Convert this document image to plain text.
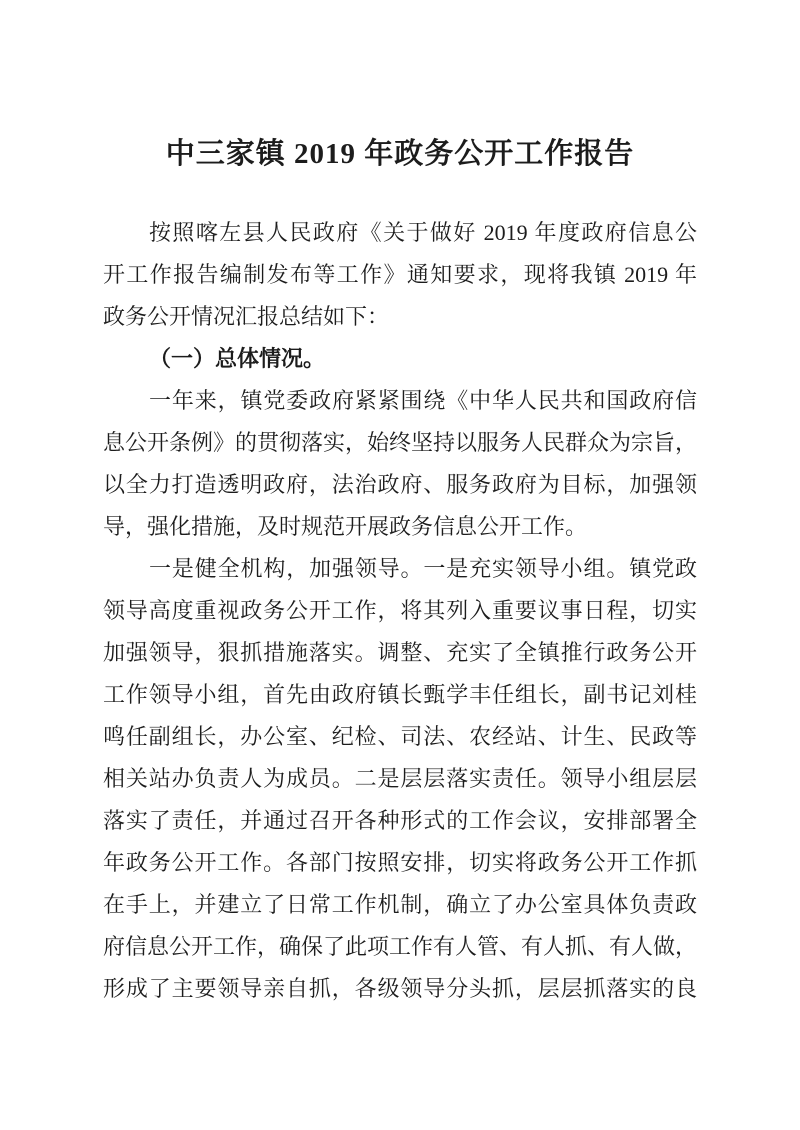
中三家镇 2019 年政务公开工作报告
按照喀左县人民政府《关于做好 2019 年度政府信息公
开工作报告编制发布等工作》通知要求，现将我镇 2019 年
政务公开情况汇报总结如下：
（一）总体情况。
一年来，镇党委政府紧紧围绕《中华人民共和国政府信
息公开条例》的贯彻落实，始终坚持以服务人民群众为宗旨，
以全力打造透明政府，法治政府、服务政府为目标，加强领
导，强化措施，及时规范开展政务信息公开工作。
一是健全机构，加强领导。一是充实领导小组。镇党政
领导高度重视政务公开工作，将其列入重要议事日程，切实
加强领导，狠抓措施落实。调整、充实了全镇推行政务公开
工作领导小组，首先由政府镇长甄学丰任组长，副书记刘桂
鸣任副组长，办公室、纪检、司法、农经站、计生、民政等
相关站办负责人为成员。二是层层落实责任。领导小组层层
落实了责任，并通过召开各种形式的工作会议，安排部署全
年政务公开工作。各部门按照安排，切实将政务公开工作抓
在手上，并建立了日常工作机制，确立了办公室具体负责政
府信息公开工作，确保了此项工作有人管、有人抓、有人做，
形成了主要领导亲自抓，各级领导分头抓，层层抓落实的良
